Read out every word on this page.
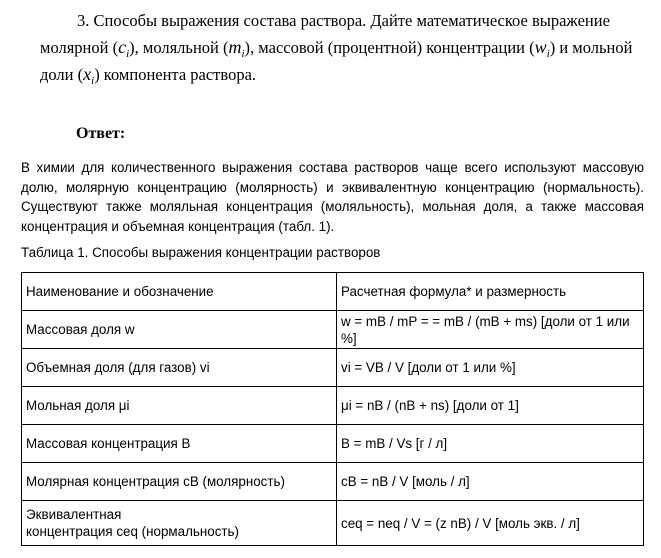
3. Способы выражения состава раствора. Дайте математическое выражение
молярной $(c_i)$, моляльной $(m_i)$, массовой (процентной) концентрации $(w_i)$ и мольной
доли $(x_i)$ компонента раствора.
Ответ:
В химии для количественного выражения состава растворов чаще всего используют массовую долю, молярную концентрацию (молярность) и эквивалентную концентрацию (нормальность). Существуют также моляльная концентрация (моляльность), мольная доля, а также массовая концентрация и объемная концентрация (табл. 1).
Таблица 1. Способы выражения концентрации растворов
Наименование и обозначение	Расчетная формула* и размерность
Массовая доля w	w = mB / mP = = mB / (mB + ms) [доли от 1 или %]
Объемная доля (для газов) vi	vi = VB / V [доли от 1 или %]
Мольная доля μi	μi = nB / (nB + ns) [доли от 1]
Массовая концентрация B	B = mB / Vs [г / л]
Молярная концентрация cB (молярность)	cB = nB / V [моль / л]

Эквивалентная
концентрация сeq (нормальность)	сeq = neq / V = (z nB) / V [моль экв. / л]
